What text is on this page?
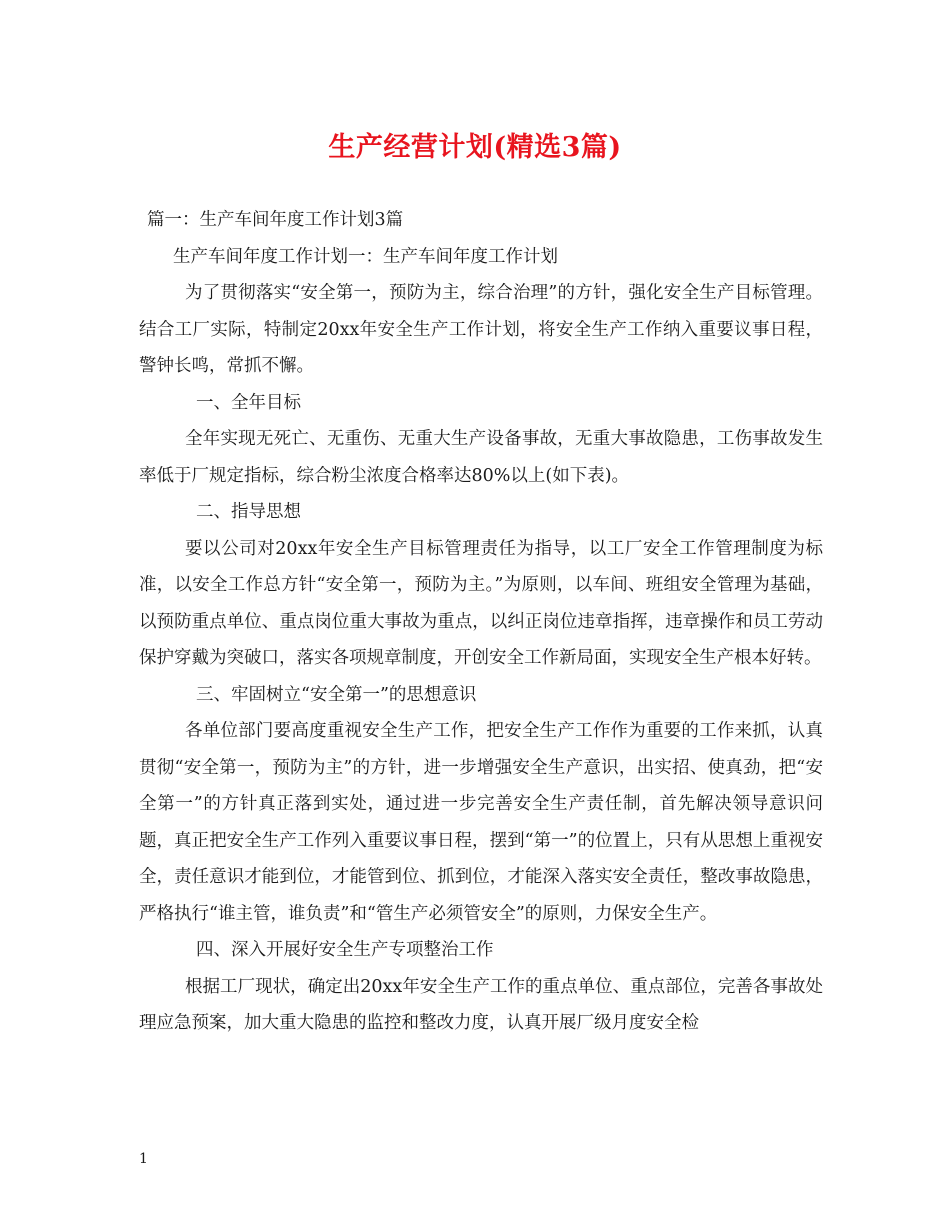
生产经营计划(精选3篇)

篇一：生产车间年度工作计划3篇

生产车间年度工作计划一：生产车间年度工作计划

为了贯彻落实“安全第一，预防为主，综合治理”的方针，强化安全生产目标管理。结合工厂实际，特制定20xx年安全生产工作计划，将安全生产工作纳入重要议事日程，警钟长鸣，常抓不懈。

一、全年目标

全年实现无死亡、无重伤、无重大生产设备事故，无重大事故隐患，工伤事故发生率低于厂规定指标，综合粉尘浓度合格率达80%以上(如下表)。

二、指导思想

要以公司对20xx年安全生产目标管理责任为指导，以工厂安全工作管理制度为标准，以安全工作总方针“安全第一，预防为主。”为原则，以车间、班组安全管理为基础，以预防重点单位、重点岗位重大事故为重点，以纠正岗位违章指挥，违章操作和员工劳动保护穿戴为突破口，落实各项规章制度，开创安全工作新局面，实现安全生产根本好转。

三、牢固树立“安全第一”的思想意识

各单位部门要高度重视安全生产工作，把安全生产工作作为重要的工作来抓，认真贯彻“安全第一，预防为主”的方针，进一步增强安全生产意识，出实招、使真劲，把“安全第一”的方针真正落到实处，通过进一步完善安全生产责任制，首先解决领导意识问题，真正把安全生产工作列入重要议事日程，摆到“第一”的位置上，只有从思想上重视安全，责任意识才能到位，才能管到位、抓到位，才能深入落实安全责任，整改事故隐患，严格执行“谁主管，谁负责”和“管生产必须管安全”的原则，力保安全生产。

四、深入开展好安全生产专项整治工作

根据工厂现状，确定出20xx年安全生产工作的重点单位、重点部位，完善各事故处理应急预案，加大重大隐患的监控和整改力度，认真开展厂级月度安全检

1
